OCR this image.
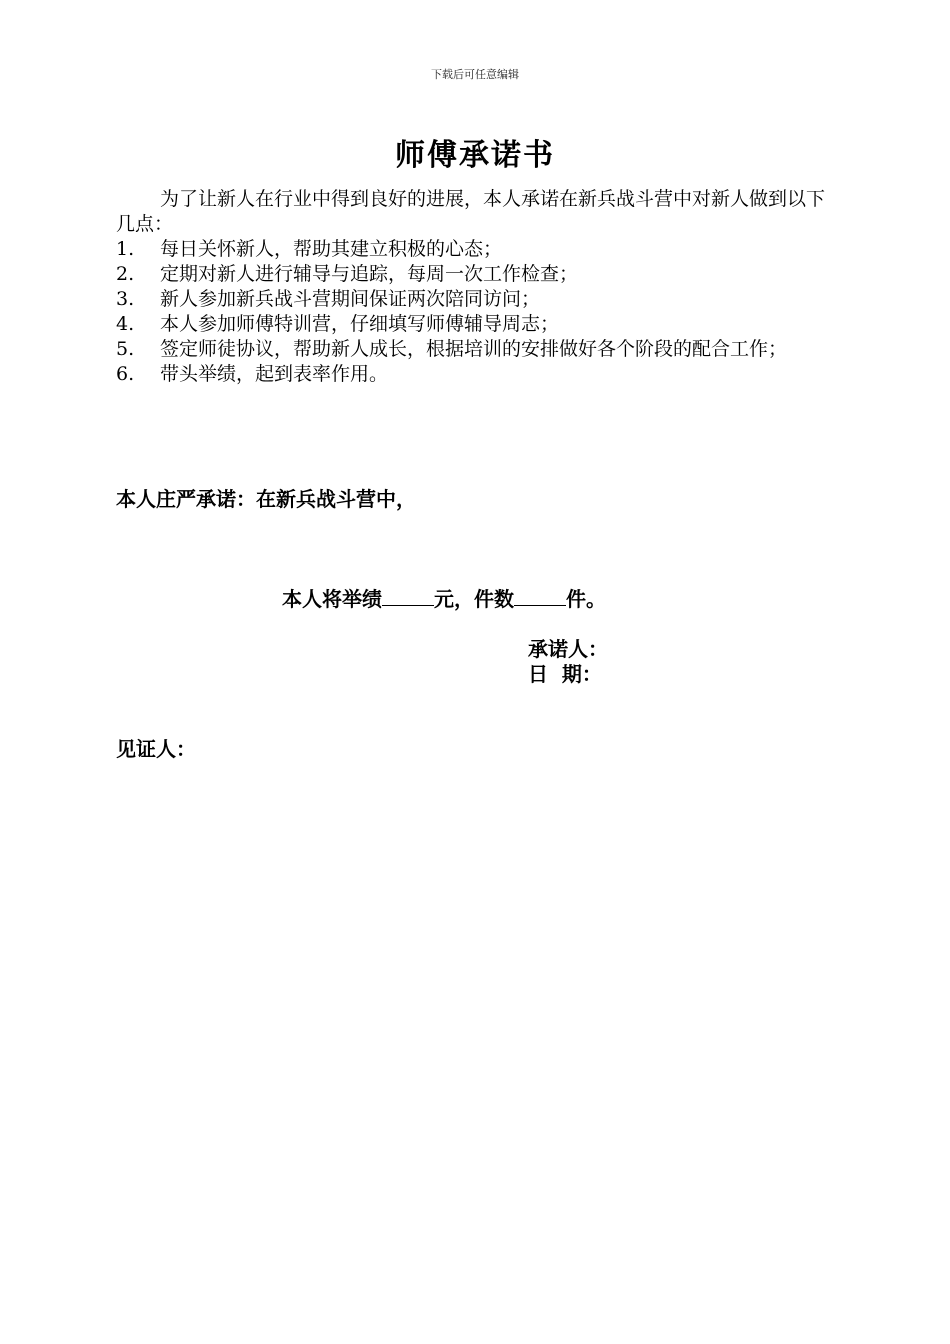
下载后可任意编辑
师傅承诺书
为了让新人在行业中得到良好的进展，本人承诺在新兵战斗营中对新人做到以下几点：
1.	每日关怀新人，帮助其建立积极的心态；
2.	定期对新人进行辅导与追踪，每周一次工作检查；
3.	新人参加新兵战斗营期间保证两次陪同访问；
4.	本人参加师傅特训营，仔细填写师傅辅导周志；
5.	签定师徒协议，帮助新人成长，根据培训的安排做好各个阶段的配合工作；
6.	带头举绩，起到表率作用。
本人庄严承诺：在新兵战斗营中，
本人将举绩	元，件数	件。
承诺人：
日  期：
见证人：
